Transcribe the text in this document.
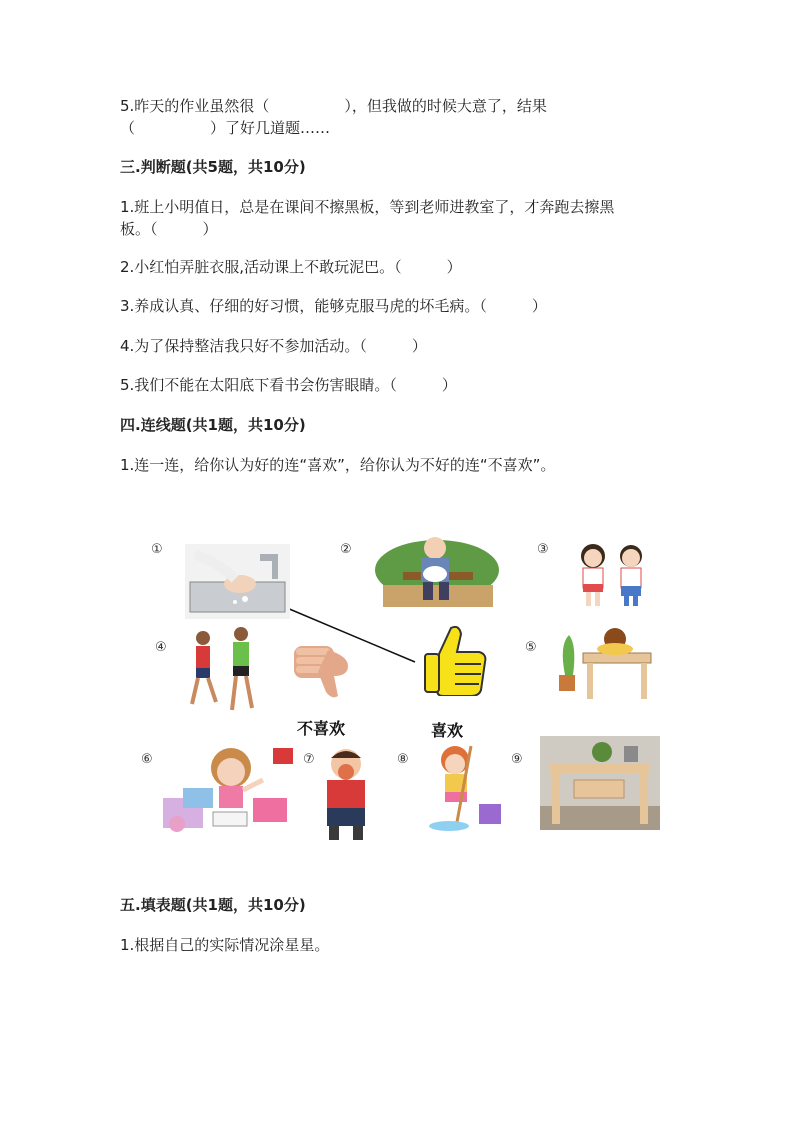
5.昨天的作业虽然很（　　　　　），但我做的时候大意了，结果
（　　　　　）了好几道题……
三.判断题(共5题，共10分)
1.班上小明值日，总是在课间不擦黑板，等到老师进教室了，才奔跑去擦黑
板。（　　　）
2.小红怕弄脏衣服,活动课上不敢玩泥巴。（　　　）
3.养成认真、仔细的好习惯，能够克服马虎的坏毛病。（　　　）
4.为了保持整洁我只好不参加活动。（　　　）
5.我们不能在太阳底下看书会伤害眼睛。（　　　）
四.连线题(共1题，共10分)
1.连一连，给你认为好的连“喜欢”，给你认为不好的连“不喜欢”。
①	②	③
④
不喜欢	喜欢
⑤
⑥	⑦	⑧	⑨
五.填表题(共1题，共10分)
1.根据自己的实际情况涂星星。
